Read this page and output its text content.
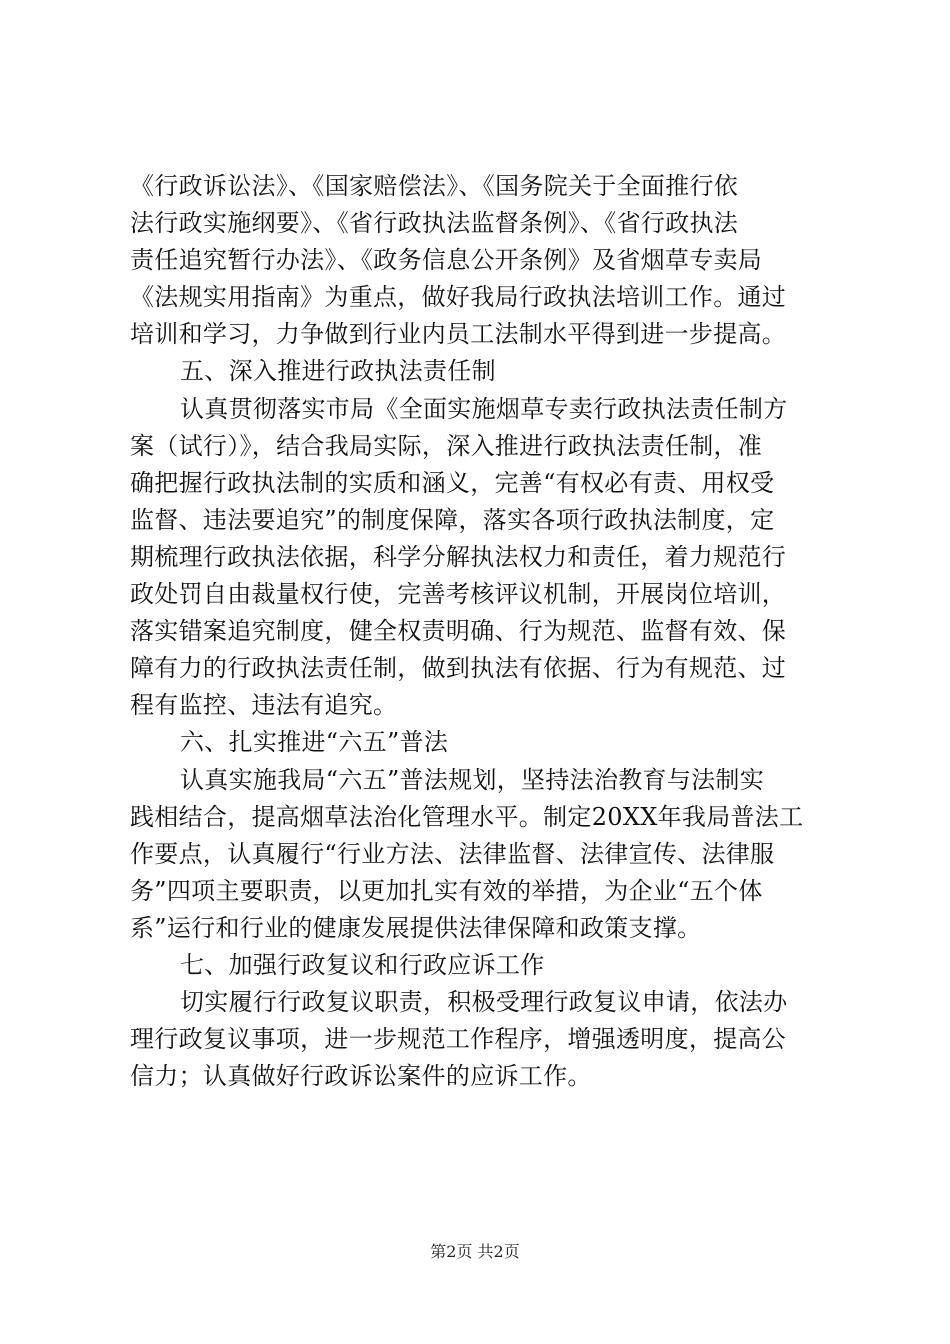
《行政诉讼法》、《国家赔偿法》、《国务院关于全面推行依
法行政实施纲要》、《省行政执法监督条例》、《省行政执法
责任追究暂行办法》、《政务信息公开条例》及省烟草专卖局
《法规实用指南》为重点，做好我局行政执法培训工作。通过
培训和学习，力争做到行业内员工法制水平得到进一步提高。
五、深入推进行政执法责任制
认真贯彻落实市局《全面实施烟草专卖行政执法责任制方
案（试行）》，结合我局实际，深入推进行政执法责任制，准
确把握行政执法制的实质和涵义，完善“有权必有责、用权受
监督、违法要追究”的制度保障，落实各项行政执法制度，定
期梳理行政执法依据，科学分解执法权力和责任，着力规范行
政处罚自由裁量权行使，完善考核评议机制，开展岗位培训，
落实错案追究制度，健全权责明确、行为规范、监督有效、保
障有力的行政执法责任制，做到执法有依据、行为有规范、过
程有监控、违法有追究。
六、扎实推进“六五”普法
认真实施我局“六五”普法规划，坚持法治教育与法制实
践相结合，提高烟草法治化管理水平。制定20XX年我局普法工
作要点，认真履行“行业方法、法律监督、法律宣传、法律服
务”四项主要职责，以更加扎实有效的举措，为企业“五个体
系”运行和行业的健康发展提供法律保障和政策支撑。
七、加强行政复议和行政应诉工作
切实履行行政复议职责，积极受理行政复议申请，依法办
理行政复议事项，进一步规范工作程序，增强透明度，提高公
信力；认真做好行政诉讼案件的应诉工作。
第2页 共2页
